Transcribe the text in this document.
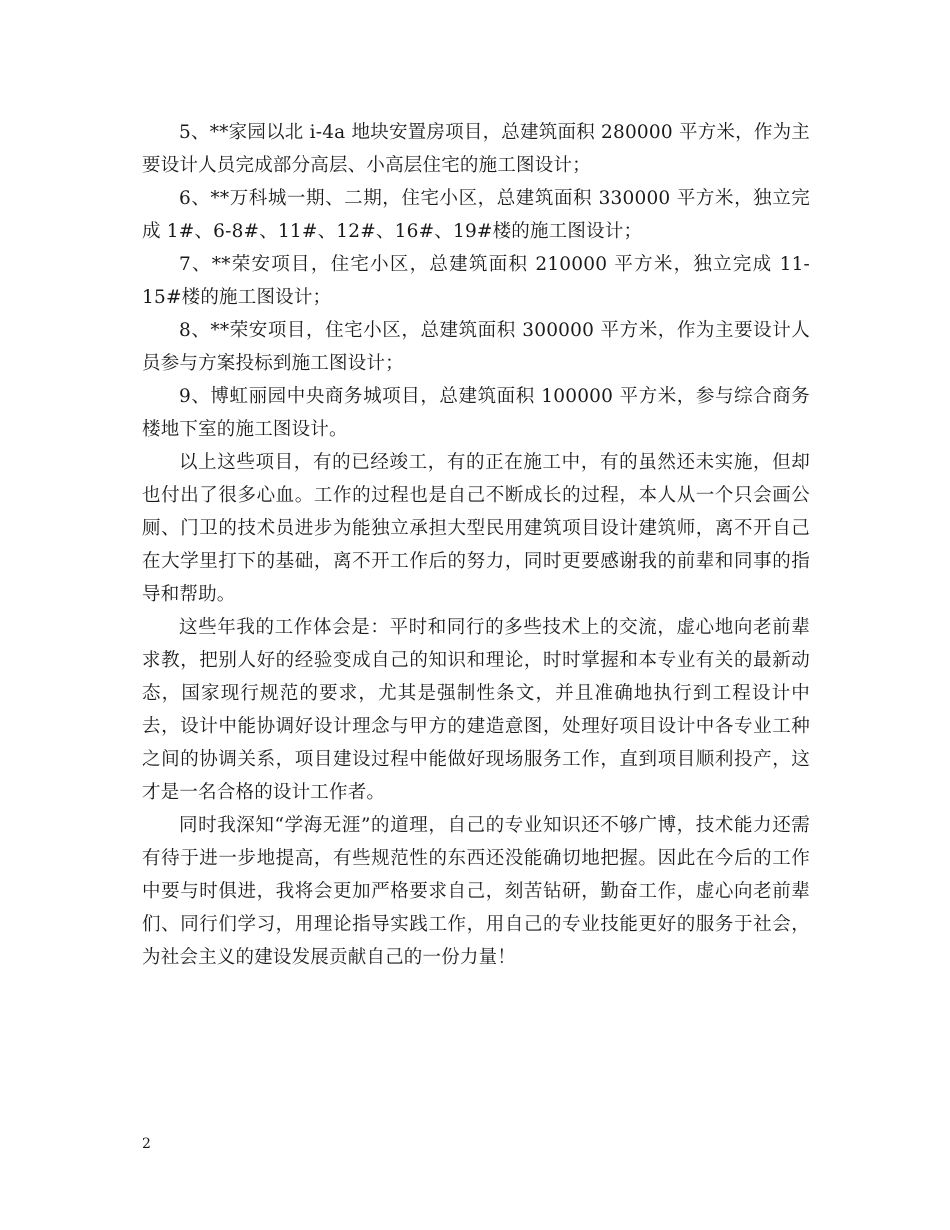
5、**家园以北 i-4a 地块安置房项目，总建筑面积 280000 平方米，作为主要设计人员完成部分高层、小高层住宅的施工图设计；

6、**万科城一期、二期，住宅小区，总建筑面积 330000 平方米，独立完成 1#、6-8#、11#、12#、16#、19#楼的施工图设计；

7、**荣安项目，住宅小区，总建筑面积 210000 平方米，独立完成 11-15#楼的施工图设计；

8、**荣安项目，住宅小区，总建筑面积 300000 平方米，作为主要设计人员参与方案投标到施工图设计；

9、博虹丽园中央商务城项目，总建筑面积 100000 平方米，参与综合商务楼地下室的施工图设计。

以上这些项目，有的已经竣工，有的正在施工中，有的虽然还未实施，但却也付出了很多心血。工作的过程也是自己不断成长的过程，本人从一个只会画公厕、门卫的技术员进步为能独立承担大型民用建筑项目设计建筑师，离不开自己在大学里打下的基础，离不开工作后的努力，同时更要感谢我的前辈和同事的指导和帮助。

这些年我的工作体会是：平时和同行的多些技术上的交流，虚心地向老前辈求教，把别人好的经验变成自己的知识和理论，时时掌握和本专业有关的最新动态，国家现行规范的要求，尤其是强制性条文，并且准确地执行到工程设计中去，设计中能协调好设计理念与甲方的建造意图，处理好项目设计中各专业工种之间的协调关系，项目建设过程中能做好现场服务工作，直到项目顺利投产，这才是一名合格的设计工作者。

同时我深知“学海无涯”的道理，自己的专业知识还不够广博，技术能力还需有待于进一步地提高，有些规范性的东西还没能确切地把握。因此在今后的工作中要与时俱进，我将会更加严格要求自己，刻苦钻研，勤奋工作，虚心向老前辈们、同行们学习，用理论指导实践工作，用自己的专业技能更好的服务于社会，为社会主义的建设发展贡献自己的一份力量！

2
